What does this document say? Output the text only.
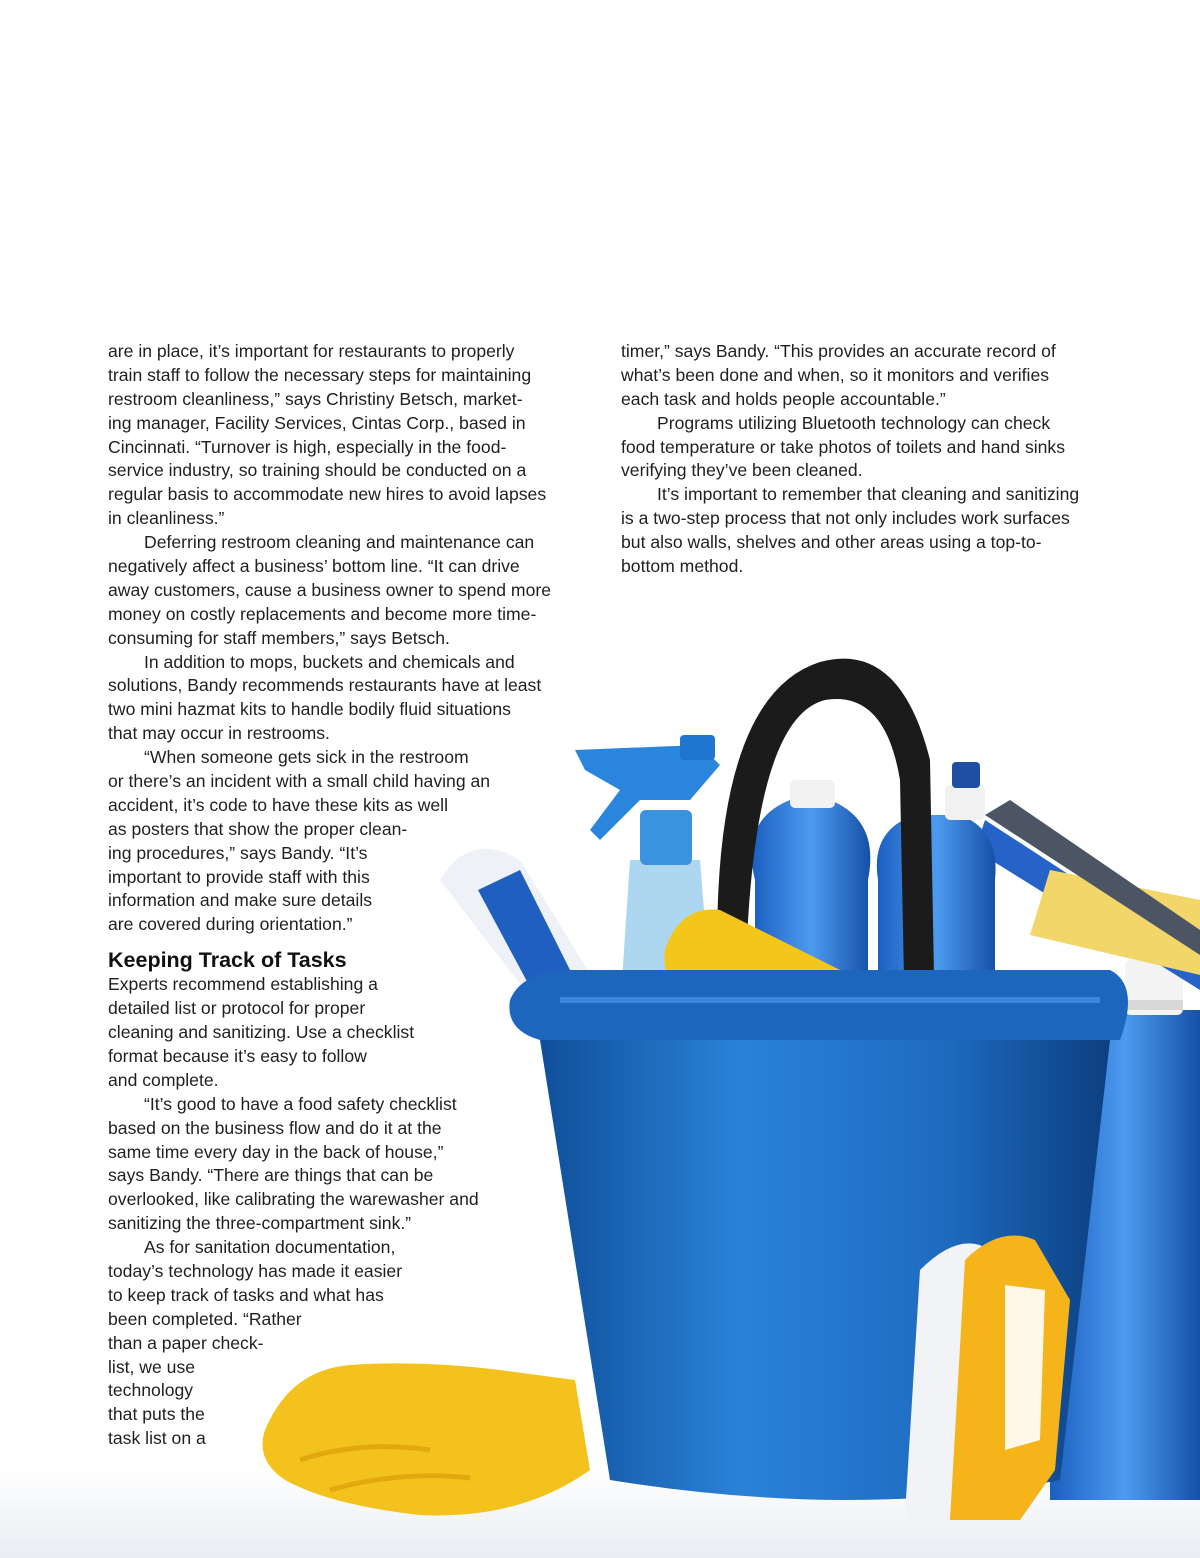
are in place, it’s important for restaurants to properly
train staff to follow the necessary steps for maintaining
restroom cleanliness,” says Christiny Betsch, market-
ing manager, Facility Services, Cintas Corp., based in
Cincinnati. “Turnover is high, especially in the food-
service industry, so training should be conducted on a
regular basis to accommodate new hires to avoid lapses
in cleanliness.”
Deferring restroom cleaning and maintenance can
negatively affect a business’ bottom line. “It can drive
away customers, cause a business owner to spend more
money on costly replacements and become more time-
consuming for staff members,” says Betsch.
In addition to mops, buckets and chemicals and
solutions, Bandy recommends restaurants have at least
two mini hazmat kits to handle bodily fluid situations
that may occur in restrooms.
“When someone gets sick in the restroom
or there’s an incident with a small child having an
accident, it’s code to have these kits as well
as posters that show the proper clean-
ing procedures,” says Bandy. “It’s
important to provide staff with this
information and make sure details
are covered during orientation.”
Keeping Track of Tasks
Experts recommend establishing a
detailed list or protocol for proper
cleaning and sanitizing. Use a checklist
format because it’s easy to follow
and complete.
“It’s good to have a food safety checklist
based on the business flow and do it at the
same time every day in the back of house,”
says Bandy. “There are things that can be
overlooked, like calibrating the warewasher and
sanitizing the three-compartment sink.”
As for sanitation documentation,
today’s technology has made it easier
to keep track of tasks and what has
been completed. “Rather
than a paper check-
list, we use
technology
that puts the
task list on a
timer,” says Bandy. “This provides an accurate record of
what’s been done and when, so it monitors and verifies
each task and holds people accountable.”
Programs utilizing Bluetooth technology can check
food temperature or take photos of toilets and hand sinks
verifying they’ve been cleaned.
It’s important to remember that cleaning and sanitizing
is a two-step process that not only includes work surfaces
but also walls, shelves and other areas using a top-to-
bottom method.
